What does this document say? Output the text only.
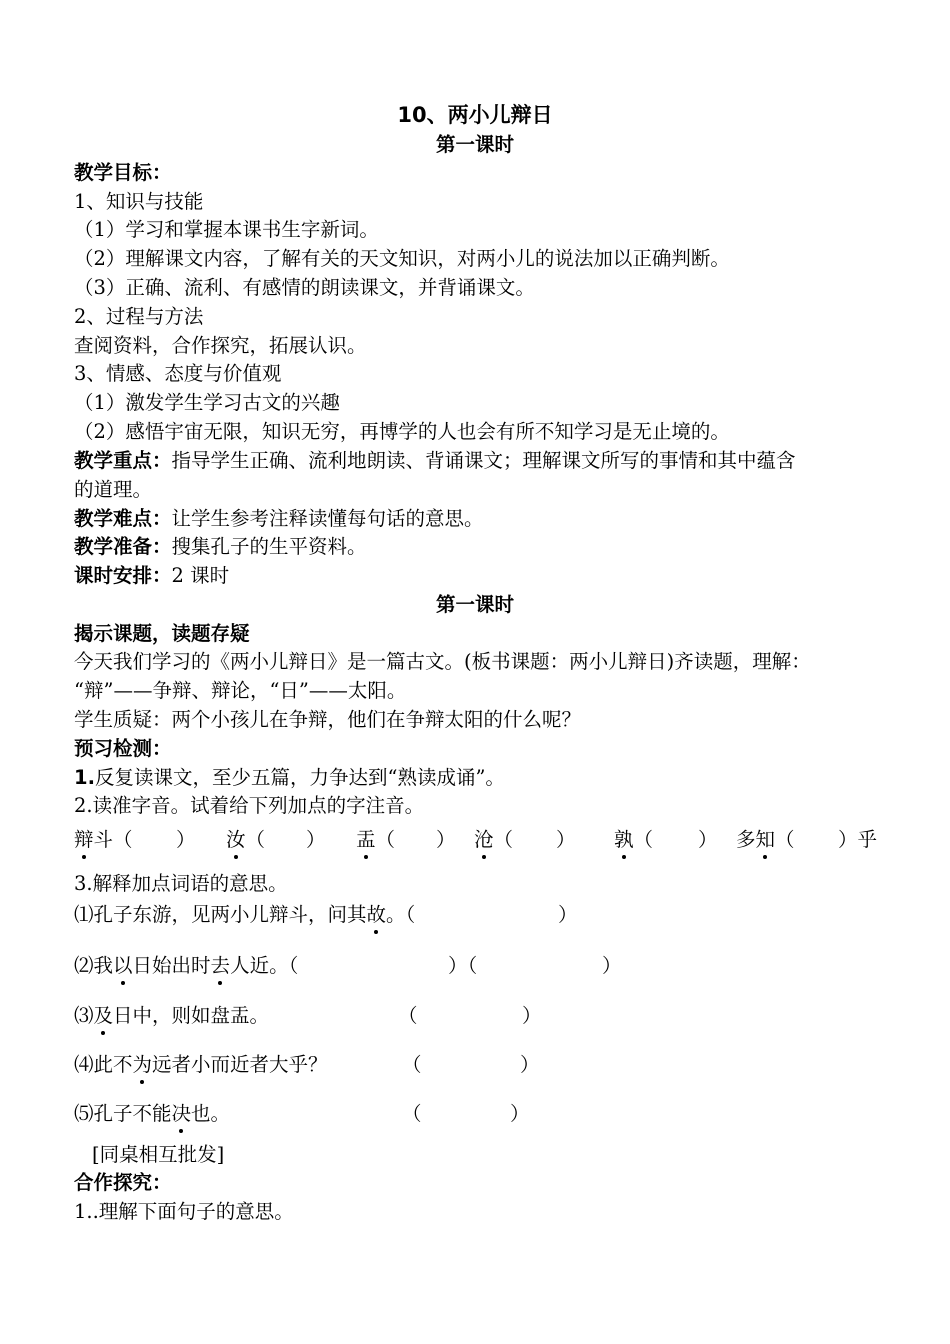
10、两小儿辩日
第一课时
教学目标：
1、知识与技能
（1）学习和掌握本课书生字新词。
（2）理解课文内容，了解有关的天文知识，对两小儿的说法加以正确判断。
（3）正确、流利、有感情的朗读课文，并背诵课文。
2、过程与方法
查阅资料，合作探究，拓展认识。
3、情感、态度与价值观
（1）激发学生学习古文的兴趣
（2）感悟宇宙无限，知识无穷，再博学的人也会有所不知学习是无止境的。
教学重点：指导学生正确、流利地朗读、背诵课文；理解课文所写的事情和其中蕴含
的道理。
教学难点：让学生参考注释读懂每句话的意思。
教学准备：搜集孔子的生平资料。
课时安排：2 课时
第一课时
揭示课题，读题存疑
今天我们学习的《两小儿辩日》是一篇古文。(板书课题：两小儿辩日)齐读题，理解：
“辩”——争辩、辩论，“日”——太阳。
学生质疑：两个小孩儿在争辩，他们在争辩太阳的什么呢？
预习检测：
1.反复读课文，至少五篇，力争达到“熟读成诵”。
2.读准字音。试着给下列加点的字注音。
辩斗（ ） 汝（ ） 盂（ ） 沧（ ） 孰（ ） 多知（ ）乎
3.解释加点词语的意思。
⑴孔子东游，见两小儿辩斗，问其故。（	）
⑵我以日始出时去人近。（	）（	）
⑶及日中，则如盘盂。	（	）
⑷此不为远者小而近者大乎？	（	）
⑸孔子不能决也。	（	）
[同桌相互批发]
合作探究：
1..理解下面句子的意思。
